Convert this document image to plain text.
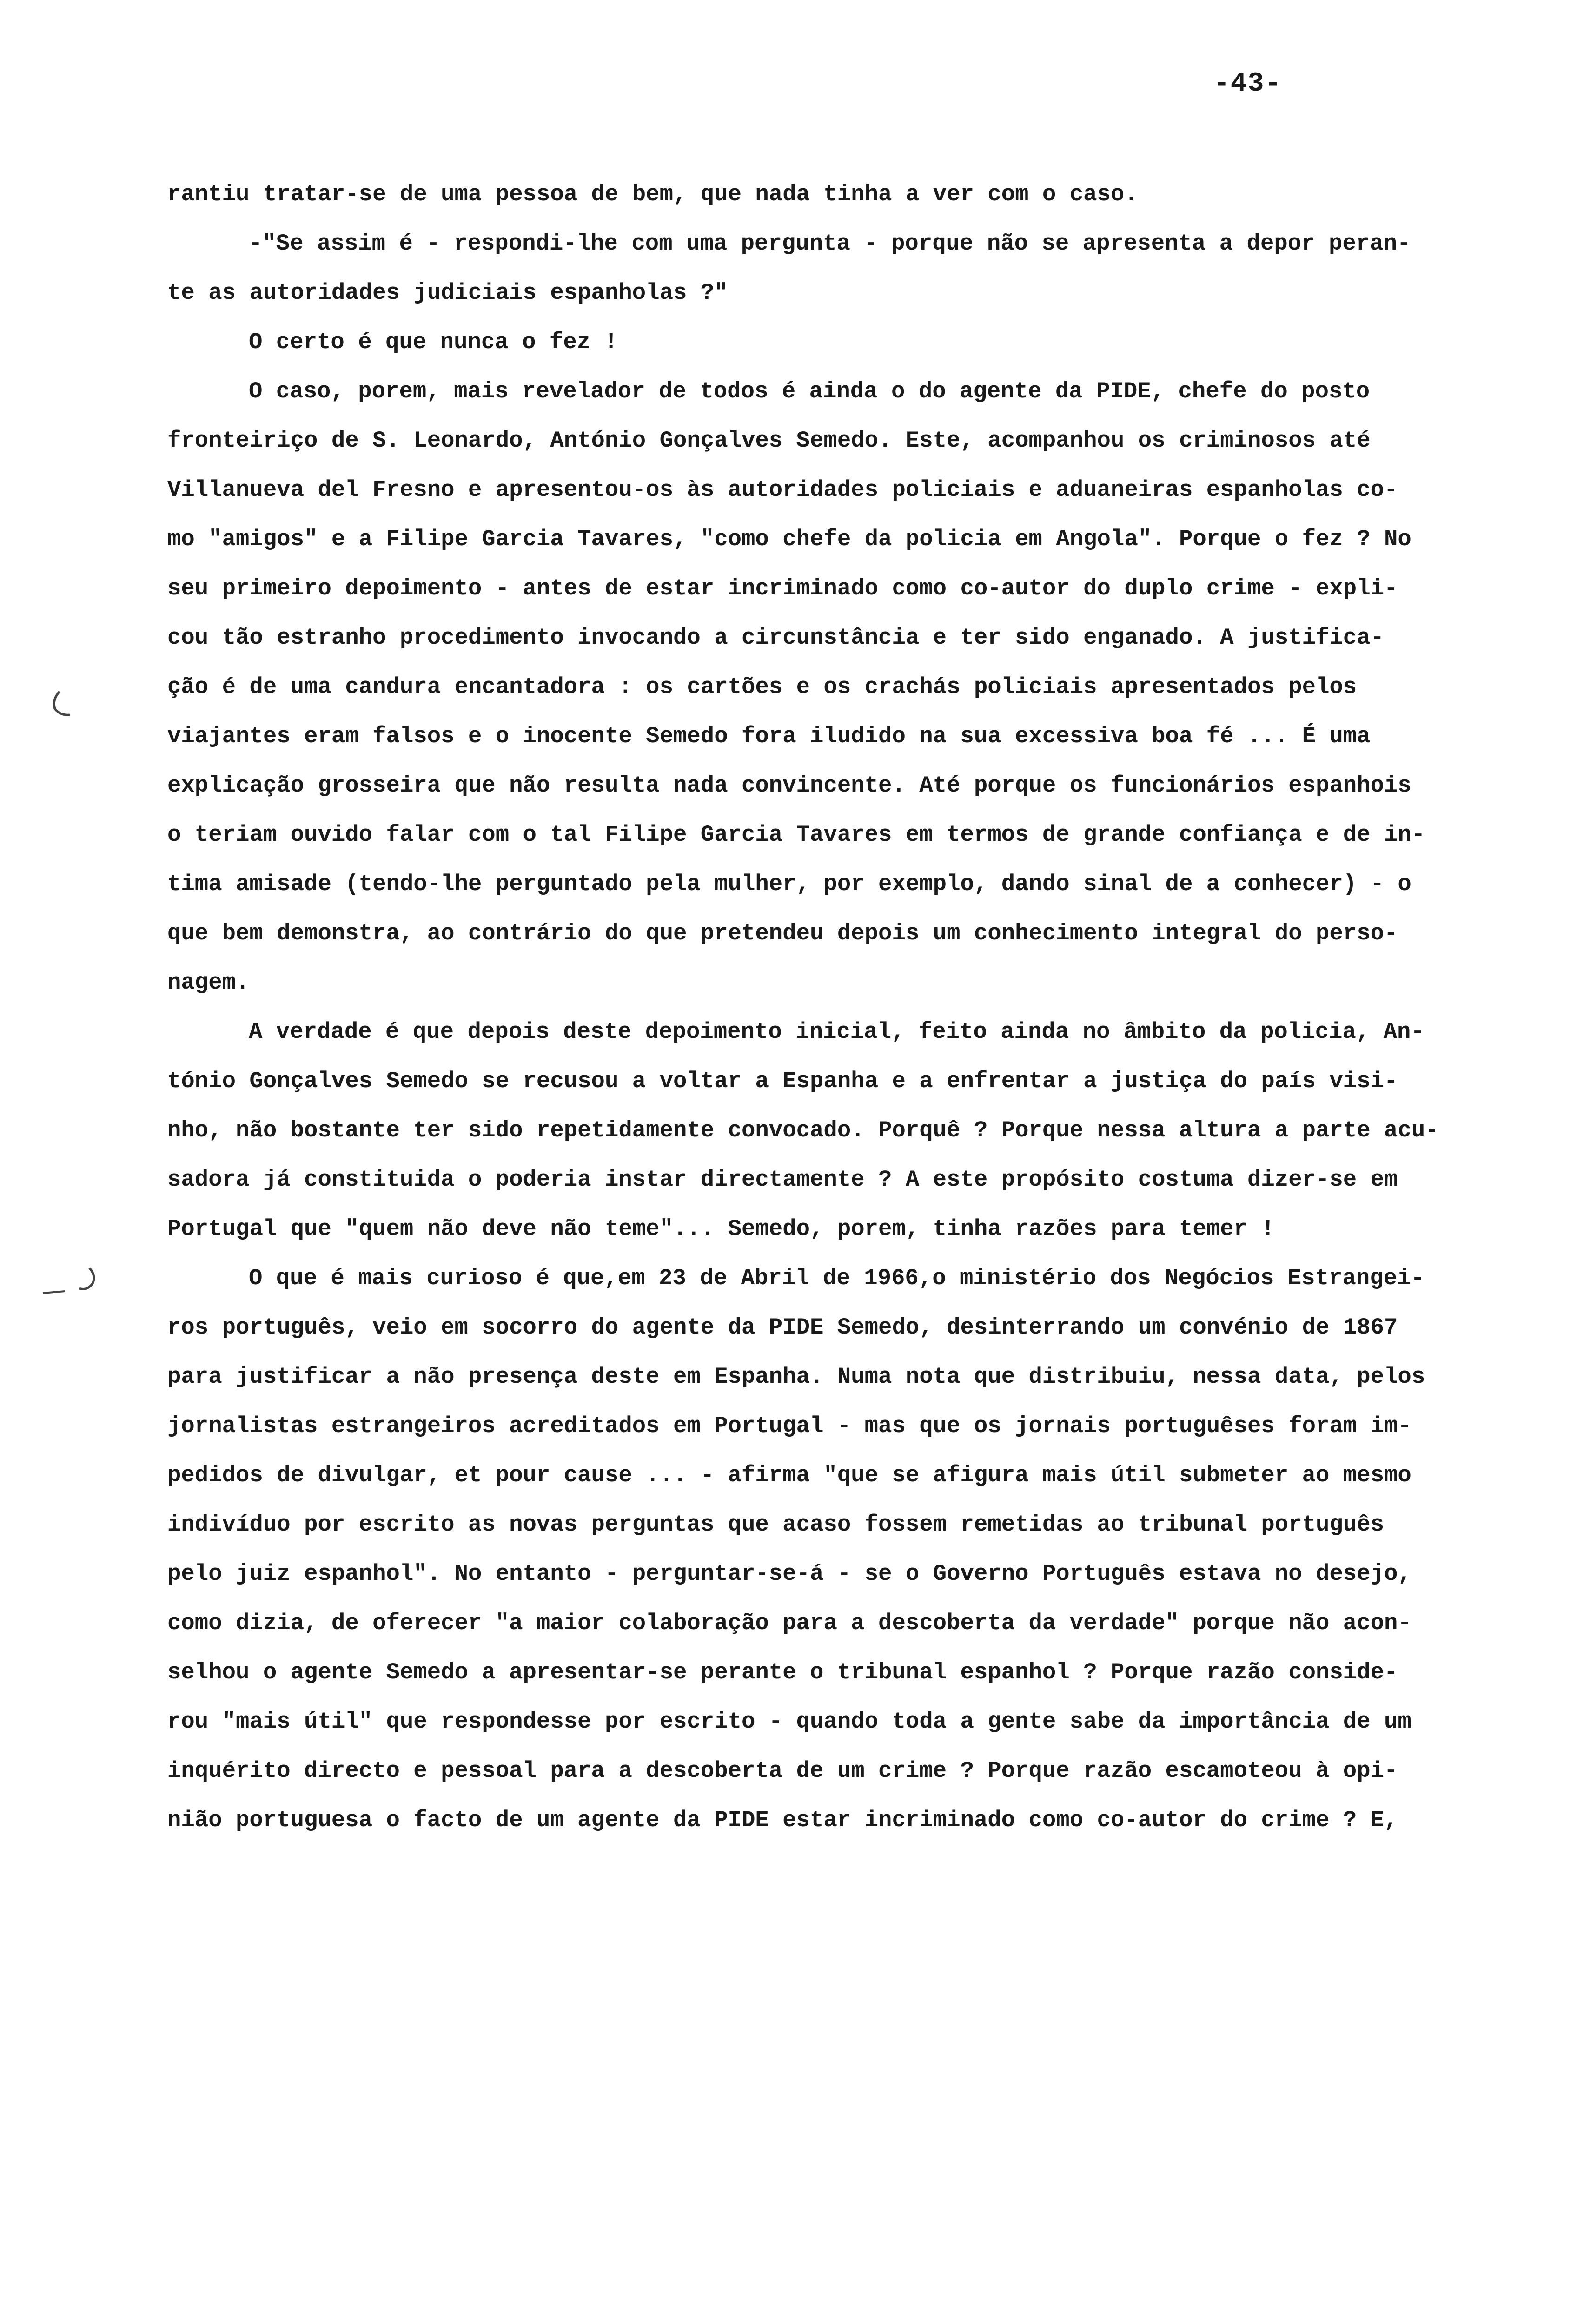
-43-
rantiu tratar-se de uma pessoa de bem, que nada tinha a ver com o caso.
-"Se assim é - respondi-lhe com uma pergunta - porque não se apresenta a depor peran-
te as autoridades judiciais espanholas ?"
O certo é que nunca o fez !
O caso, porem, mais revelador de todos é ainda o do agente da PIDE, chefe do posto
fronteiriço de S. Leonardo, António Gonçalves Semedo. Este, acompanhou os criminosos até
Villanueva del Fresno e apresentou-os às autoridades policiais e aduaneiras espanholas co-
mo "amigos" e a Filipe Garcia Tavares, "como chefe da policia em Angola". Porque o fez ? No
seu primeiro depoimento - antes de estar incriminado como co-autor do duplo crime - expli-
cou tão estranho procedimento invocando a circunstância e ter sido enganado. A justifica-
ção é de uma candura encantadora : os cartões e os crachás policiais apresentados pelos
viajantes eram falsos e o inocente Semedo fora iludido na sua excessiva boa fé ... É uma
explicação grosseira que não resulta nada convincente. Até porque os funcionários espanhois
o teriam ouvido falar com o tal Filipe Garcia Tavares em termos de grande confiança e de in-
tima amisade (tendo-lhe perguntado pela mulher, por exemplo, dando sinal de a conhecer) - o
que bem demonstra, ao contrário do que pretendeu depois um conhecimento integral do perso-
nagem.
A verdade é que depois deste depoimento inicial, feito ainda no âmbito da policia, An-
tónio Gonçalves Semedo se recusou a voltar a Espanha e a enfrentar a justiça do país visi-
nho, não bostante ter sido repetidamente convocado. Porquê ? Porque nessa altura a parte acu-
sadora já constituida o poderia instar directamente ? A este propósito costuma dizer-se em
Portugal que "quem não deve não teme"... Semedo, porem, tinha razões para temer !
O que é mais curioso é que,em 23 de Abril de 1966,o ministério dos Negócios Estrangei-
ros português, veio em socorro do agente da PIDE Semedo, desinterrando um convénio de 1867
para justificar a não presença deste em Espanha. Numa nota que distribuiu, nessa data, pelos
jornalistas estrangeiros acreditados em Portugal - mas que os jornais portuguêses foram im-
pedidos de divulgar, et pour cause ... - afirma "que se afigura mais útil submeter ao mesmo
indivíduo por escrito as novas perguntas que acaso fossem remetidas ao tribunal português
pelo juiz espanhol". No entanto - perguntar-se-á - se o Governo Português estava no desejo,
como dizia, de oferecer "a maior colaboração para a descoberta da verdade" porque não acon-
selhou o agente Semedo a apresentar-se perante o tribunal espanhol ? Porque razão conside-
rou "mais útil" que respondesse por escrito - quando toda a gente sabe da importância de um
inquérito directo e pessoal para a descoberta de um crime ? Porque razão escamoteou à opi-
nião portuguesa o facto de um agente da PIDE estar incriminado como co-autor do crime ? E,
